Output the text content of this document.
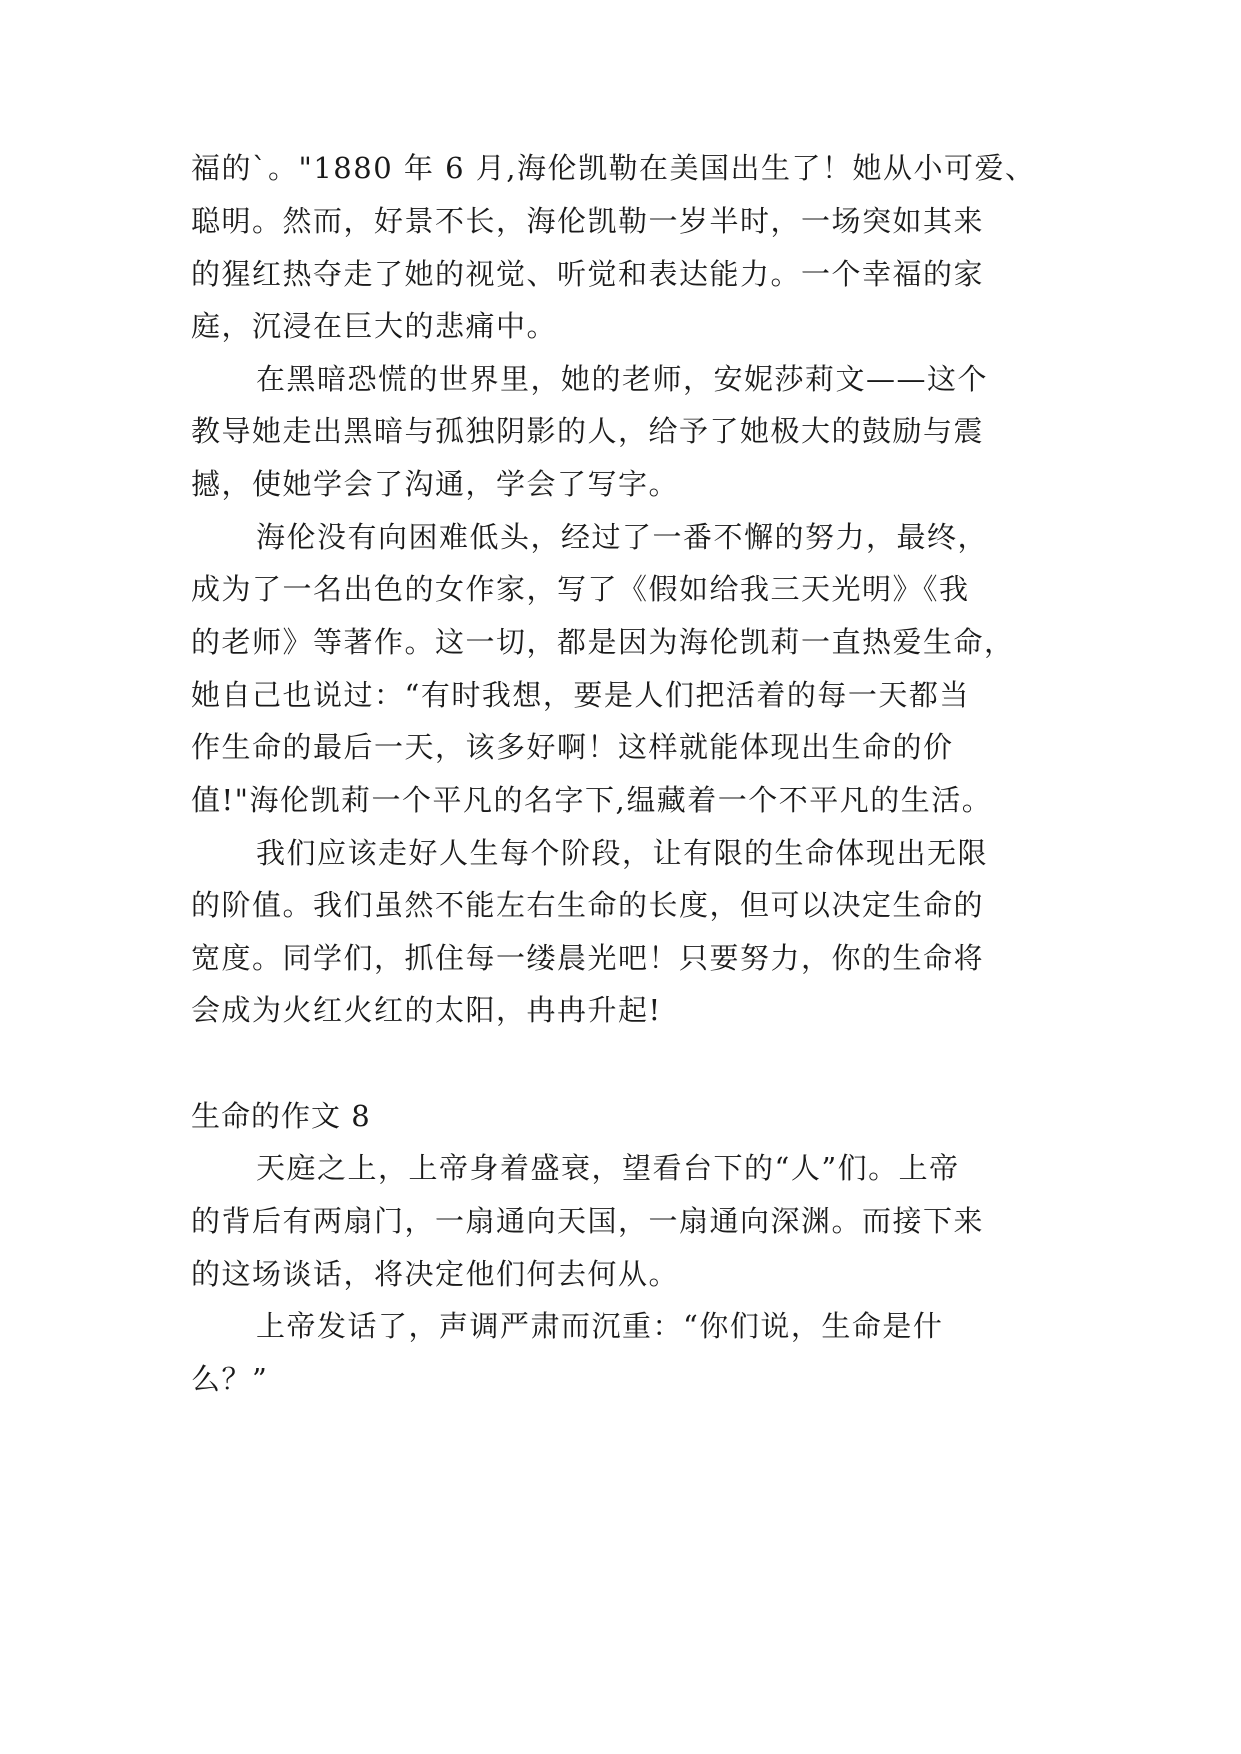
福的`。"1880 年 6 月,海伦凯勒在美国出生了！她从小可爱、
聪明。然而，好景不长，海伦凯勒一岁半时，一场突如其来
的猩红热夺走了她的视觉、听觉和表达能力。一个幸福的家
庭，沉浸在巨大的悲痛中。
在黑暗恐慌的世界里，她的老师，安妮莎莉文——这个
教导她走出黑暗与孤独阴影的人，给予了她极大的鼓励与震
撼，使她学会了沟通，学会了写字。
海伦没有向困难低头，经过了一番不懈的努力，最终，
成为了一名出色的女作家，写了《假如给我三天光明》《我
的老师》等著作。这一切，都是因为海伦凯莉一直热爱生命，
她自己也说过：“有时我想，要是人们把活着的每一天都当
作生命的最后一天，该多好啊！这样就能体现出生命的价
值!"海伦凯莉一个平凡的名字下,缊藏着一个不平凡的生活。
我们应该走好人生每个阶段，让有限的生命体现出无限
的阶值。我们虽然不能左右生命的长度，但可以决定生命的
宽度。同学们，抓住每一缕晨光吧！只要努力，你的生命将
会成为火红火红的太阳，冉冉升起!
生命的作文 8
天庭之上，上帝身着盛衰，望看台下的“人”们。上帝
的背后有两扇门，一扇通向天国，一扇通向深渊。而接下来
的这场谈话，将决定他们何去何从。
上帝发话了，声调严肃而沉重：“你们说，生命是什
么？”
